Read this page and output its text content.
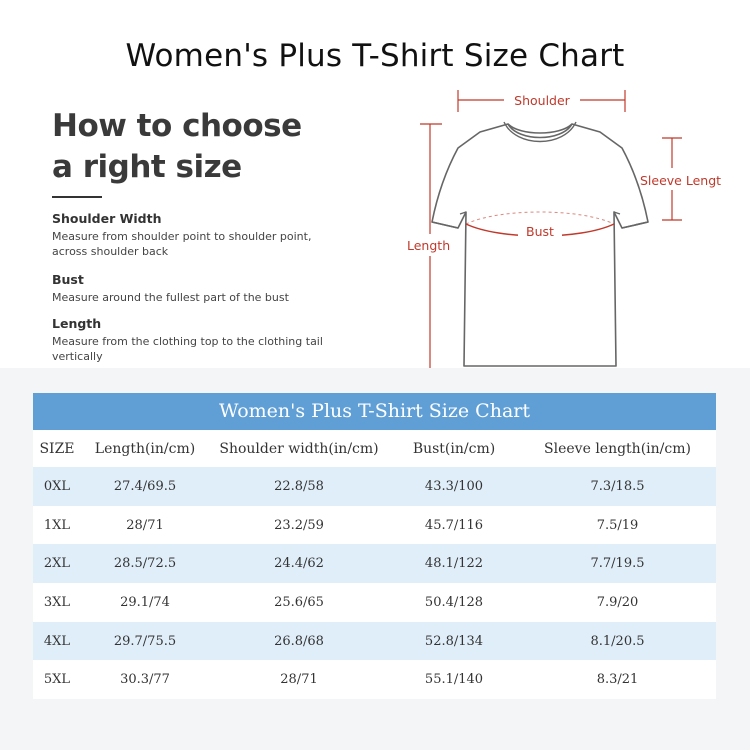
Women's Plus T-Shirt Size Chart
How to choose
a right size
Shoulder Width
Measure from shoulder point to shoulder point,
across shoulder back
Bust
Measure around the fullest part of the bust
Length
Measure from the clothing top to the clothing tail
vertically
Shoulder
Sleeve Lengt
Bust
Length
Women's Plus T-Shirt Size Chart
SIZE	Length(in/cm)	Shoulder width(in/cm)	Bust(in/cm)	Sleeve length(in/cm)
0XL	27.4/69.5	22.8/58	43.3/100	7.3/18.5
1XL	28/71	23.2/59	45.7/116	7.5/19
2XL	28.5/72.5	24.4/62	48.1/122	7.7/19.5
3XL	29.1/74	25.6/65	50.4/128	7.9/20
4XL	29.7/75.5	26.8/68	52.8/134	8.1/20.5
5XL	30.3/77	28/71	55.1/140	8.3/21
